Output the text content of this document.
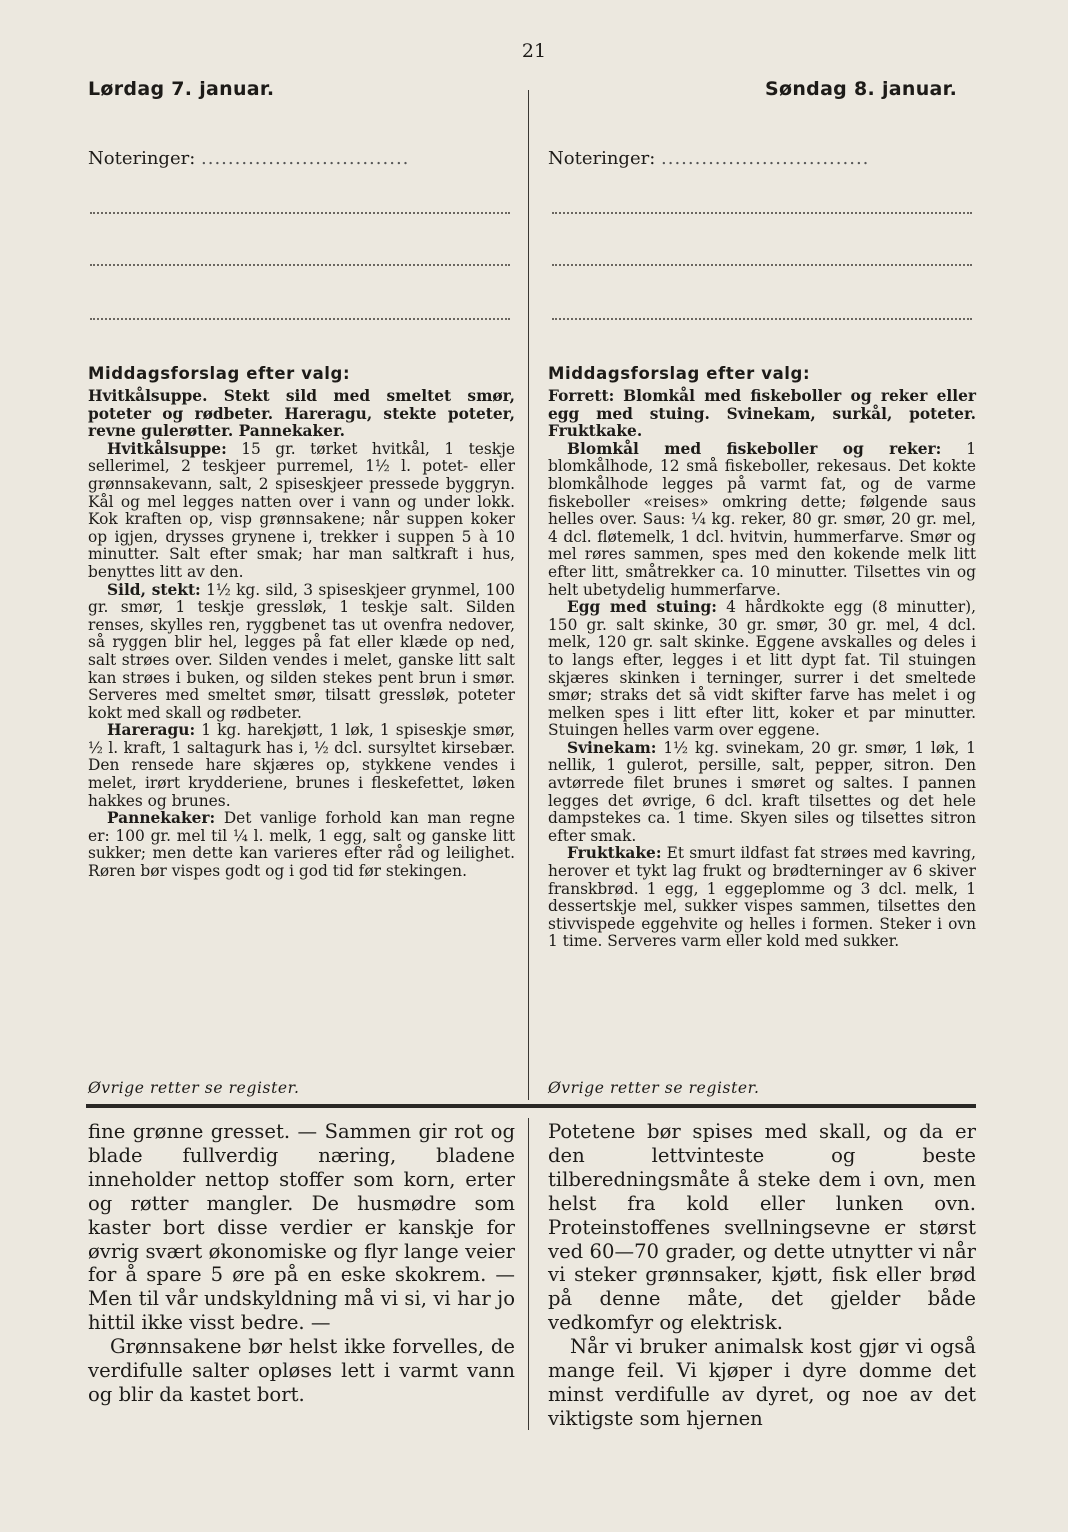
21
Lørdag 7. januar.
Noteringer: ...............................
Middagsforslag efter valg:

Hvitkålsuppe. Stekt sild med smeltet smør, poteter og rødbeter. Hareragu, stekte poteter, revne gulerøtter. Pannekaker.

Hvitkålsuppe: 15 gr. tørket hvitkål, 1 teskje sellerimel, 2 teskjeer purremel, 1½ l. potet- eller grønnsakevann, salt, 2 spiseskjeer pressede byggryn. Kål og mel legges natten over i vann og under lokk. Kok kraften op, visp grønnsakene; når suppen koker op igjen, drysses grynene i, trekker i suppen 5 à 10 minutter. Salt efter smak; har man saltkraft i hus, benyttes litt av den.

Sild, stekt: 1½ kg. sild, 3 spiseskjeer grynmel, 100 gr. smør, 1 teskje gressløk, 1 teskje salt. Silden renses, skylles ren, ryggbenet tas ut ovenfra nedover, så ryggen blir hel, legges på fat eller klæde op ned, salt strøes over. Silden vendes i melet, ganske litt salt kan strøes i buken, og silden stekes pent brun i smør. Serveres med smeltet smør, tilsatt gressløk, poteter kokt med skall og rødbeter.

Hareragu: 1 kg. harekjøtt, 1 løk, 1 spiseskje smør, ½ l. kraft, 1 saltagurk has i, ½ dcl. sursyltet kirsebær. Den rensede hare skjæres op, stykkene vendes i melet, irørt krydderiene, brunes i fleskefettet, løken hakkes og brunes.

Pannekaker: Det vanlige forhold kan man regne er: 100 gr. mel til ¼ l. melk, 1 egg, salt og ganske litt sukker; men dette kan varieres efter råd og leilighet. Røren bør vispes godt og i god tid før stekingen.

Øvrige retter se register.
Søndag 8. januar.
Noteringer: ...............................
Middagsforslag efter valg:

Forrett: Blomkål med fiskeboller og reker eller egg med stuing. Svinekam, surkål, poteter. Fruktkake.

Blomkål med fiskeboller og reker: 1 blomkålhode, 12 små fiskeboller, rekesaus. Det kokte blomkålhode legges på varmt fat, og de varme fiskeboller «reises» omkring dette; følgende saus helles over. Saus: ¼ kg. reker, 80 gr. smør, 20 gr. mel, 4 dcl. fløtemelk, 1 dcl. hvitvin, hummerfarve. Smør og mel røres sammen, spes med den kokende melk litt efter litt, småtrekker ca. 10 minutter. Tilsettes vin og helt ubetydelig hummerfarve.

Egg med stuing: 4 hårdkokte egg (8 minutter), 150 gr. salt skinke, 30 gr. smør, 30 gr. mel, 4 dcl. melk, 120 gr. salt skinke. Eggene avskalles og deles i to langs efter, legges i et litt dypt fat. Til stuingen skjæres skinken i terninger, surrer i det smeltede smør; straks det så vidt skifter farve has melet i og melken spes i litt efter litt, koker et par minutter. Stuingen helles varm over eggene.

Svinekam: 1½ kg. svinekam, 20 gr. smør, 1 løk, 1 nellik, 1 gulerot, persille, salt, pepper, sitron. Den avtørrede filet brunes i smøret og saltes. I pannen legges det øvrige, 6 dcl. kraft tilsettes og det hele dampstekes ca. 1 time. Skyen siles og tilsettes sitron efter smak.

Fruktkake: Et smurt ildfast fat strøes med kavring, herover et tykt lag frukt og brødterninger av 6 skiver franskbrød. 1 egg, 1 eggeplomme og 3 dcl. melk, 1 dessertskje mel, sukker vispes sammen, tilsettes den stivvispede eggehvite og helles i formen. Steker i ovn 1 time. Serveres varm eller kold med sukker.

Øvrige retter se register.

fine grønne gresset. — Sammen gir rot og blade fullverdig næring, bladene inneholder nettop stoffer som korn, erter og røtter mangler. De husmødre som kaster bort disse verdier er kanskje for øvrig svært økonomiske og flyr lange veier for å spare 5 øre på en eske skokrem. — Men til vår undskyldning må vi si, vi har jo hittil ikke visst bedre. —

Grønnsakene bør helst ikke forvelles, de verdifulle salter opløses lett i varmt vann og blir da kastet bort.

Potetene bør spises med skall, og da er den lettvinteste og beste tilberedningsmåte å steke dem i ovn, men helst fra kold eller lunken ovn. Proteinstoffenes svellningsevne er størst ved 60—70 grader, og dette utnytter vi når vi steker grønnsaker, kjøtt, fisk eller brød på denne måte, det gjelder både vedkomfyr og elektrisk.

Når vi bruker animalsk kost gjør vi også mange feil. Vi kjøper i dyre domme det minst verdifulle av dyret, og noe av det viktigste som hjernen
